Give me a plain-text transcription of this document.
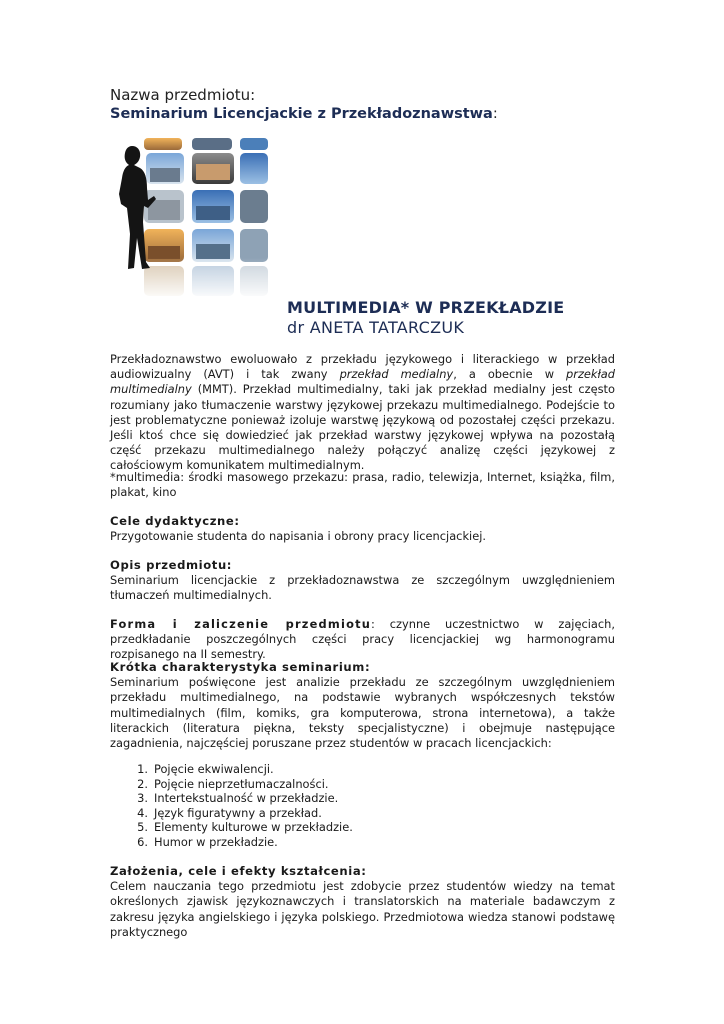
Nazwa przedmiotu:
Seminarium Licencjackie z Przekładoznawstwa:
MULTIMEDIA* W PRZEKŁADZIE
dr ANETA TATARCZUK
Przekładoznawstwo ewoluowało z przekładu językowego i literackiego w przekład audiowizualny (AVT) i tak zwany przekład medialny, a obecnie w przekład multimedialny (MMT). Przekład multimedialny, taki jak przekład medialny jest często rozumiany jako tłumaczenie warstwy językowej przekazu multimedialnego. Podejście to jest problematyczne ponieważ izoluje warstwę językową od pozostałej części przekazu. Jeśli ktoś chce się dowiedzieć jak przekład warstwy językowej wpływa na pozostałą część przekazu multimedialnego należy połączyć analizę części językowej z całościowym komunikatem multimedialnym.
*multimedia: środki masowego przekazu: prasa, radio, telewizja, Internet, książka, film, plakat, kino
Cele dydaktyczne:
Przygotowanie studenta do napisania i obrony pracy licencjackiej.
Opis przedmiotu:
Seminarium licencjackie z przekładoznawstwa ze szczególnym uwzględnieniem tłumaczeń multimedialnych.
Forma i zaliczenie przedmiotu: czynne uczestnictwo w zajęciach, przedkładanie poszczególnych części pracy licencjackiej wg harmonogramu rozpisanego na II semestry.
Krótka charakterystyka seminarium:
Seminarium poświęcone jest analizie przekładu ze szczególnym uwzględnieniem przekładu multimedialnego, na podstawie wybranych współczesnych tekstów multimedialnych (film, komiks, gra komputerowa, strona internetowa), a także literackich (literatura piękna, teksty specjalistyczne) i obejmuje następujące zagadnienia, najczęściej poruszane przez studentów w pracach licencjackich:
1. Pojęcie ekwiwalencji.
2. Pojęcie nieprzetłumaczalności.
3. Intertekstualność w przekładzie.
4. Język figuratywny a przekład.
5. Elementy kulturowe w przekładzie.
6. Humor w przekładzie.
Założenia, cele i efekty kształcenia:
Celem nauczania tego przedmiotu jest zdobycie przez studentów wiedzy na temat określonych zjawisk językoznawczych i translatorskich na materiale badawczym z zakresu języka angielskiego i języka polskiego. Przedmiotowa wiedza stanowi podstawę praktycznego
